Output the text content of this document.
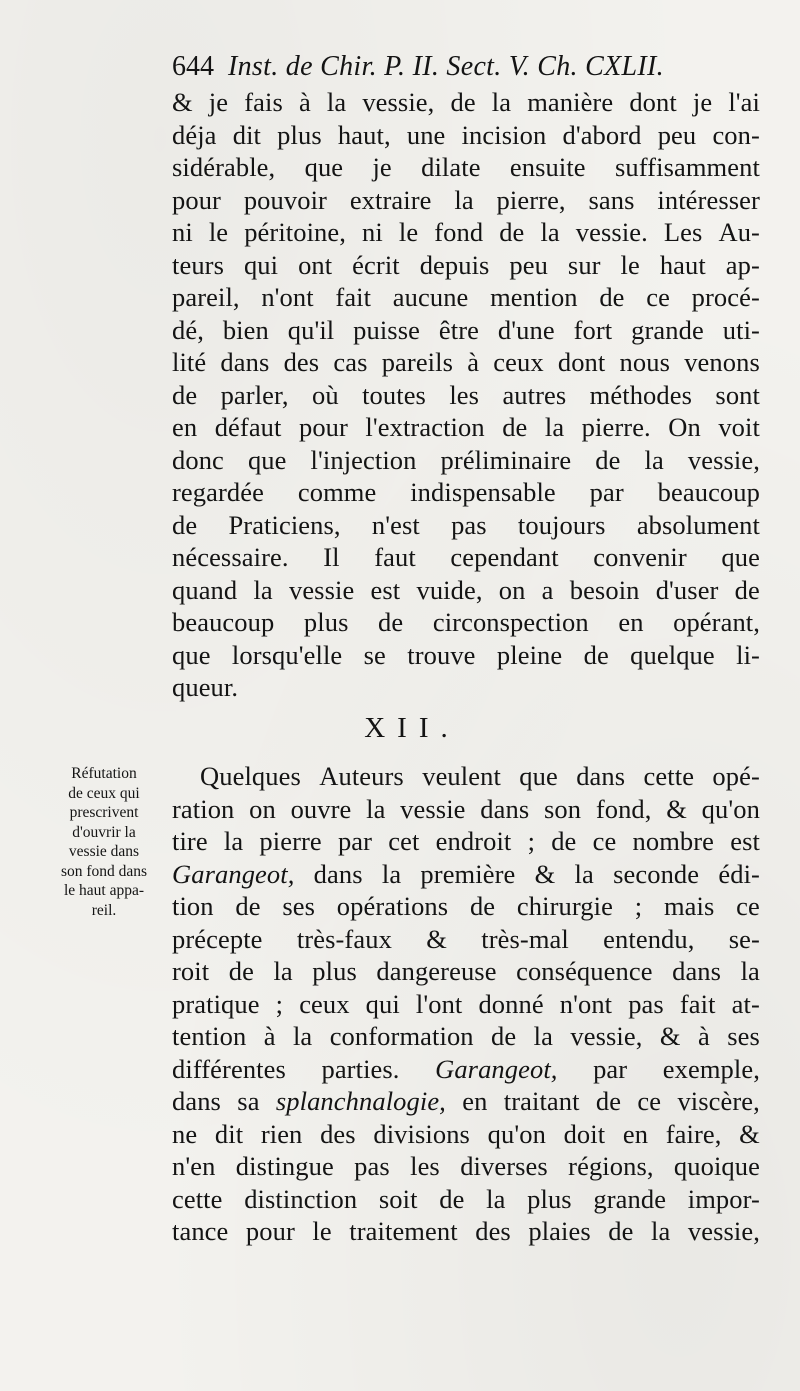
644 Inst. de Chir. P. II. Sect. V. Ch. CXLII.
& je fais à la vessie, de la manière dont je l'ai
déja dit plus haut, une incision d'abord peu con-
sidérable, que je dilate ensuite suffisamment
pour pouvoir extraire la pierre, sans intéresser
ni le péritoine, ni le fond de la vessie. Les Au-
teurs qui ont écrit depuis peu sur le haut ap-
pareil, n'ont fait aucune mention de ce procé-
dé, bien qu'il puisse être d'une fort grande uti-
lité dans des cas pareils à ceux dont nous venons
de parler, où toutes les autres méthodes sont
en défaut pour l'extraction de la pierre. On voit
donc que l'injection préliminaire de la vessie,
regardée comme indispensable par beaucoup
de Praticiens, n'est pas toujours absolument
nécessaire. Il faut cependant convenir que
quand la vessie est vuide, on a besoin d'user de
beaucoup plus de circonspection en opérant,
que lorsqu'elle se trouve pleine de quelque li-
queur.
XII.
Réfutation
de ceux qui
prescrivent
d'ouvrir la
vessie dans
son fond dans
le haut appa-
reil.
Quelques Auteurs veulent que dans cette opé-
ration on ouvre la vessie dans son fond, & qu'on
tire la pierre par cet endroit ; de ce nombre est
Garangeot, dans la première & la seconde édi-
tion de ses opérations de chirurgie ; mais ce
précepte très-faux & très-mal entendu, se-
roit de la plus dangereuse conséquence dans la
pratique ; ceux qui l'ont donné n'ont pas fait at-
tention à la conformation de la vessie, & à ses
différentes parties. Garangeot, par exemple,
dans sa splanchnalogie, en traitant de ce viscère,
ne dit rien des divisions qu'on doit en faire, &
n'en distingue pas les diverses régions, quoique
cette distinction soit de la plus grande impor-
tance pour le traitement des plaies de la vessie,
